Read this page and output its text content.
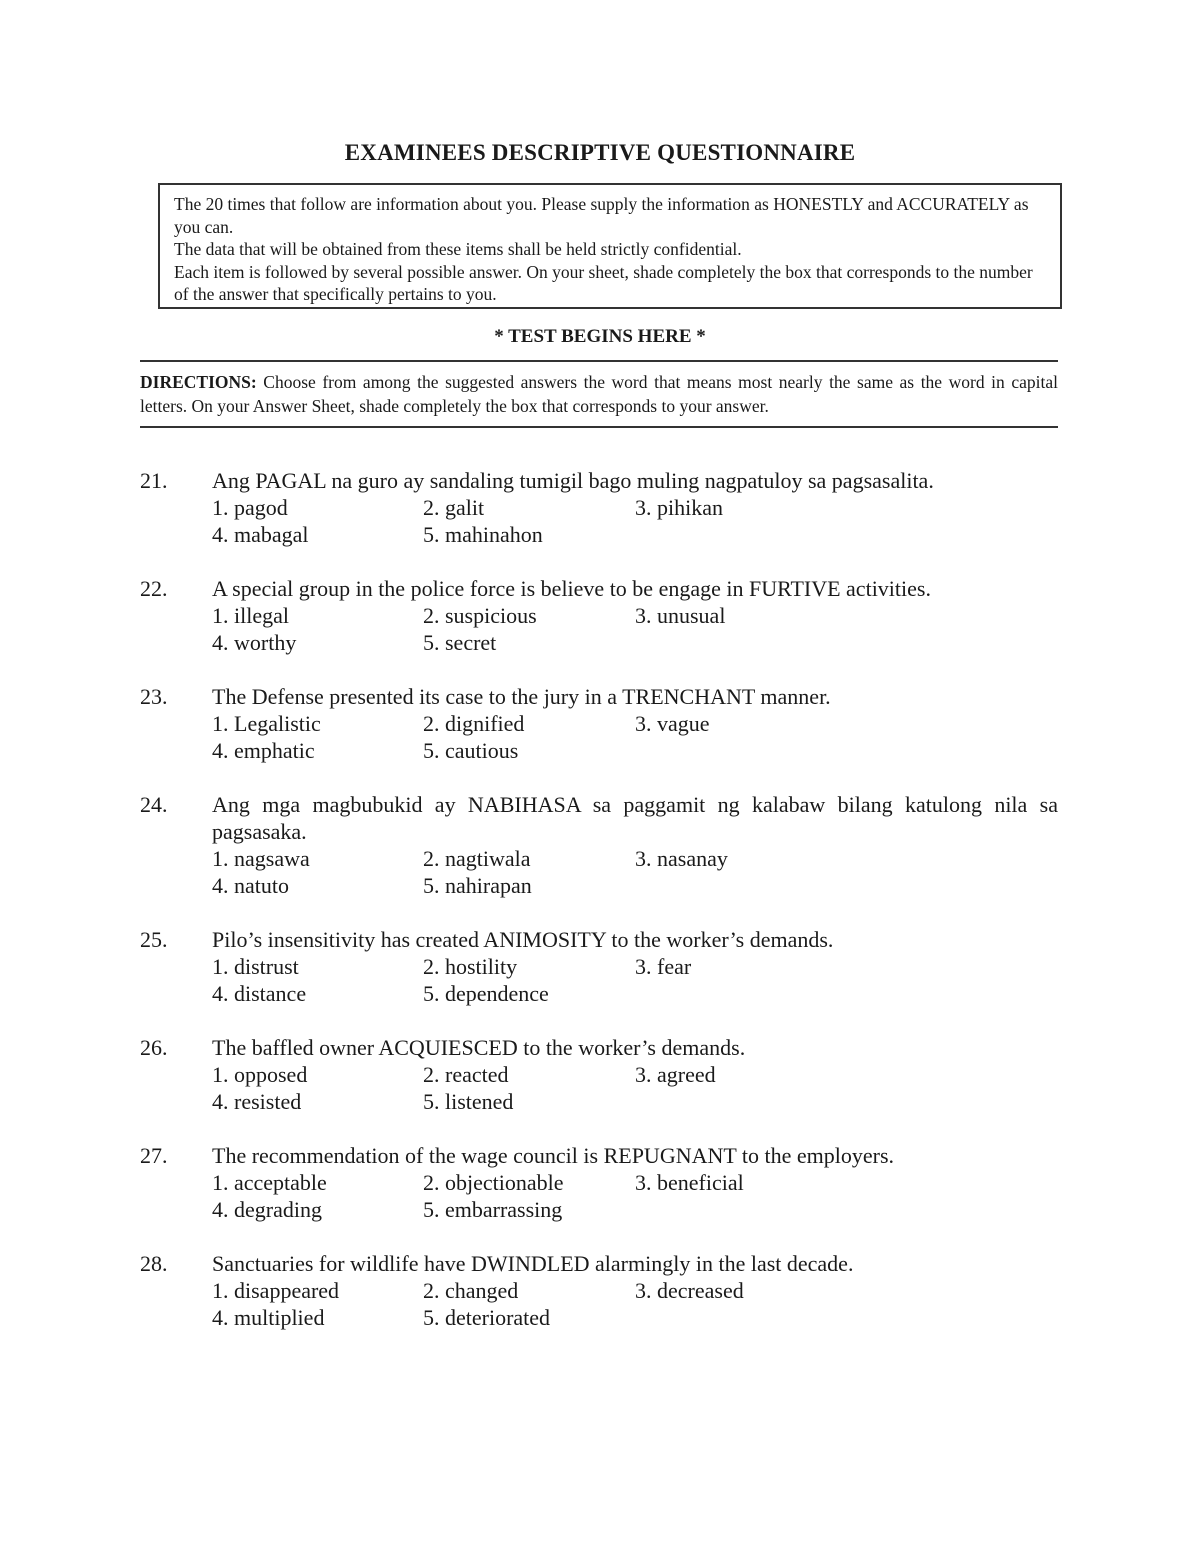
EXAMINEES DESCRIPTIVE QUESTIONNAIRE

The 20 times that follow are information about you. Please supply the information as HONESTLY and ACCURATELY as you can.

The data that will be obtained from these items shall be held strictly confidential.

Each item is followed by several possible answer. On your sheet, shade completely the box that corresponds to the number of the answer that specifically pertains to you.

* TEST BEGINS HERE *
DIRECTIONS: Choose from among the suggested answers the word that means most nearly the same as the word in capital letters. On your Answer Sheet, shade completely the box that corresponds to your answer.
21. Ang PAGAL na guro ay sandaling tumigil bago muling nagpatuloy sa pagsasalita.
1. pagod	2. galit	3. pihikan
4. mabagal	5. mahinahon
22. A special group in the police force is believe to be engage in FURTIVE activities.
1. illegal	2. suspicious	3. unusual
4. worthy	5. secret
23. The Defense presented its case to the jury in a TRENCHANT manner.
1. Legalistic	2. dignified	3. vague
4. emphatic	5. cautious
24. Ang mga magbubukid ay NABIHASA sa paggamit ng kalabaw bilang katulong nila sa pagsasaka.
1. nagsawa	2. nagtiwala	3. nasanay
4. natuto	5. nahirapan
25. Pilo’s insensitivity has created ANIMOSITY to the worker’s demands.
1. distrust	2. hostility	3. fear
4. distance	5. dependence
26. The baffled owner ACQUIESCED to the worker’s demands.
1. opposed	2. reacted	3. agreed
4. resisted	5. listened
27. The recommendation of the wage council is REPUGNANT to the employers.
1. acceptable	2. objectionable	3. beneficial
4. degrading	5. embarrassing
28. Sanctuaries for wildlife have DWINDLED alarmingly in the last decade.
1. disappeared	2. changed	3. decreased
4. multiplied	5. deteriorated
